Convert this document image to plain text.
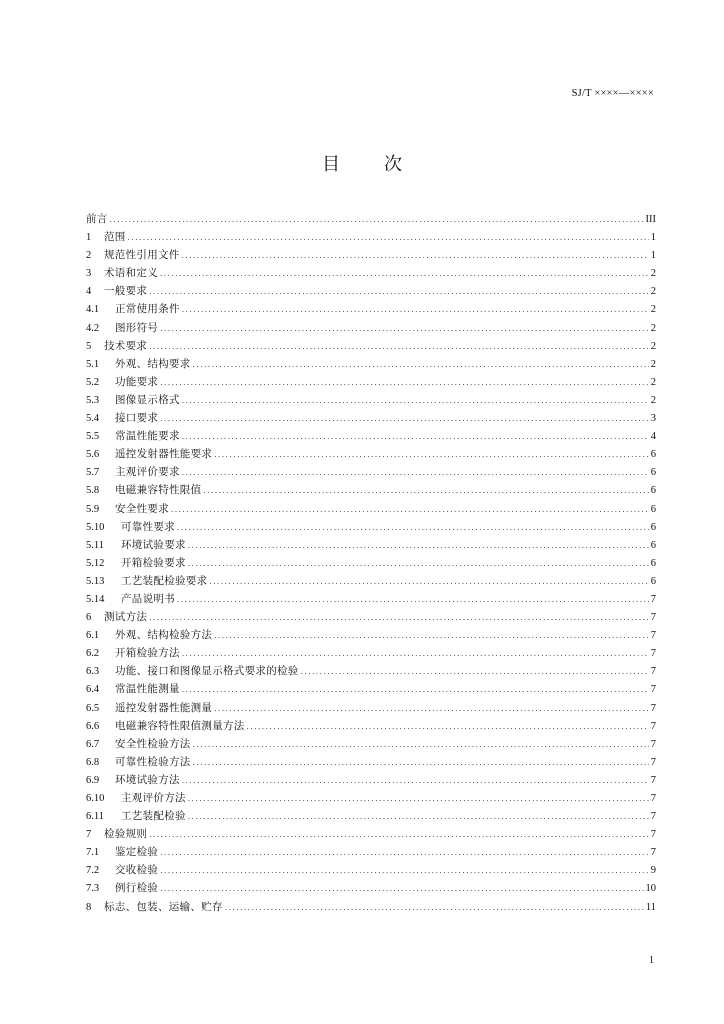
SJ/T ××××—××××
目 次
前言 .....	III
1	范围 .....	1
2	规范性引用文件 .....	1
3	术语和定义 .....	2
4	一般要求 .....	2
4.1	正常使用条件 .....	2
4.2	图形符号 .....	2
5	技术要求 .....	2
5.1	外观、结构要求 .....	2
5.2	功能要求 .....	2
5.3	图像显示格式 .....	2
5.4	接口要求 .....	3
5.5	常温性能要求 .....	4
5.6	遥控发射器性能要求 .....	6
5.7	主观评价要求 .....	6
5.8	电磁兼容特性限值 .....	6
5.9	安全性要求 .....	6
5.10	可靠性要求 .....	6
5.11	环境试验要求 .....	6
5.12	开箱检验要求 .....	6
5.13	工艺装配检验要求 .....	6
5.14	产品说明书 .....	7
6	测试方法 .....	7
6.1	外观、结构检验方法 .....	7
6.2	开箱检验方法 .....	7
6.3	功能、接口和图像显示格式要求的检验 .....	7
6.4	常温性能测量 .....	7
6.5	遥控发射器性能测量 .....	7
6.6	电磁兼容特性限值测量方法 .....	7
6.7	安全性检验方法 .....	7
6.8	可靠性检验方法 .....	7
6.9	环境试验方法 .....	7
6.10	主观评价方法 .....	7
6.11	工艺装配检验 .....	7
7	检验规则 .....	7
7.1	鉴定检验 .....	7
7.2	交收检验 .....	9
7.3	例行检验 .....	10
8	标志、包装、运输、贮存 .....	11
1
